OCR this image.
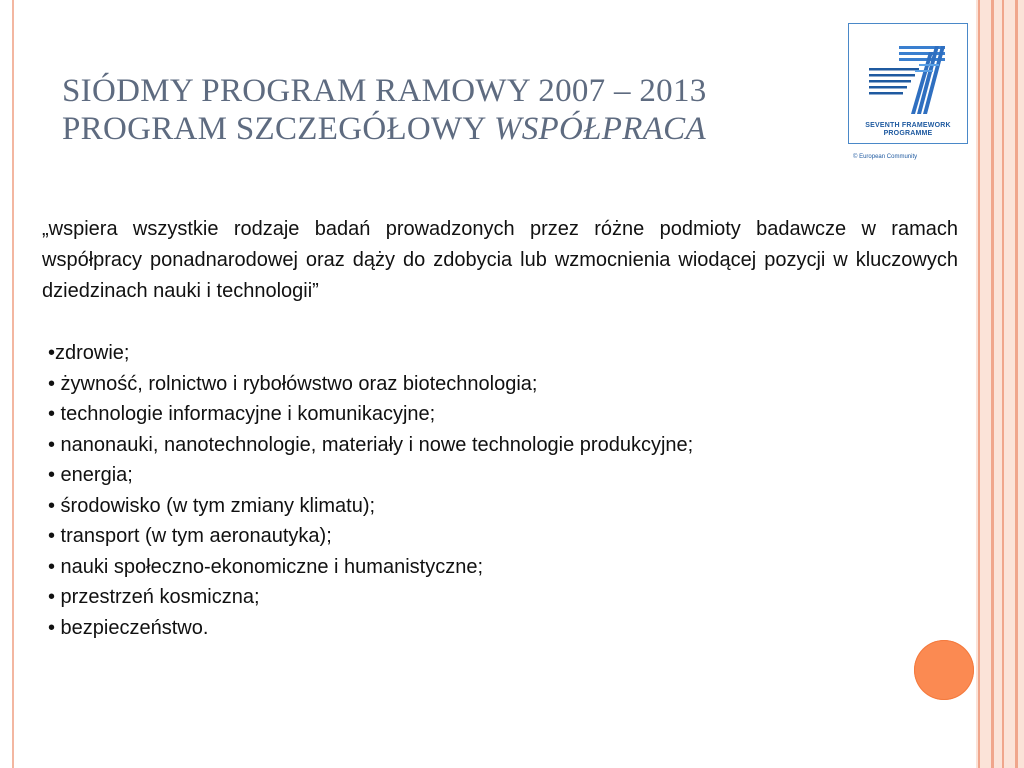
SIÓDMY PROGRAM RAMOWY 2007 – 2013
PROGRAM SZCZEGÓŁOWY WSPÓŁPRACA	SEVENTH FRAMEWORK
PROGRAMME
© European Community
„wspiera wszystkie rodzaje badań prowadzonych przez różne podmioty badawcze w ramach współpracy ponadnarodowej oraz dąży do zdobycia lub wzmocnienia wiodącej pozycji w kluczowych dziedzinach nauki i technologii”
•zdrowie;
• żywność, rolnictwo i rybołówstwo oraz biotechnologia;
• technologie informacyjne i komunikacyjne;
• nanonauki, nanotechnologie, materiały i nowe technologie produkcyjne;
• energia;
• środowisko (w tym zmiany klimatu);
• transport (w tym aeronautyka);
• nauki społeczno-ekonomiczne i humanistyczne;
• przestrzeń kosmiczna;
• bezpieczeństwo.
